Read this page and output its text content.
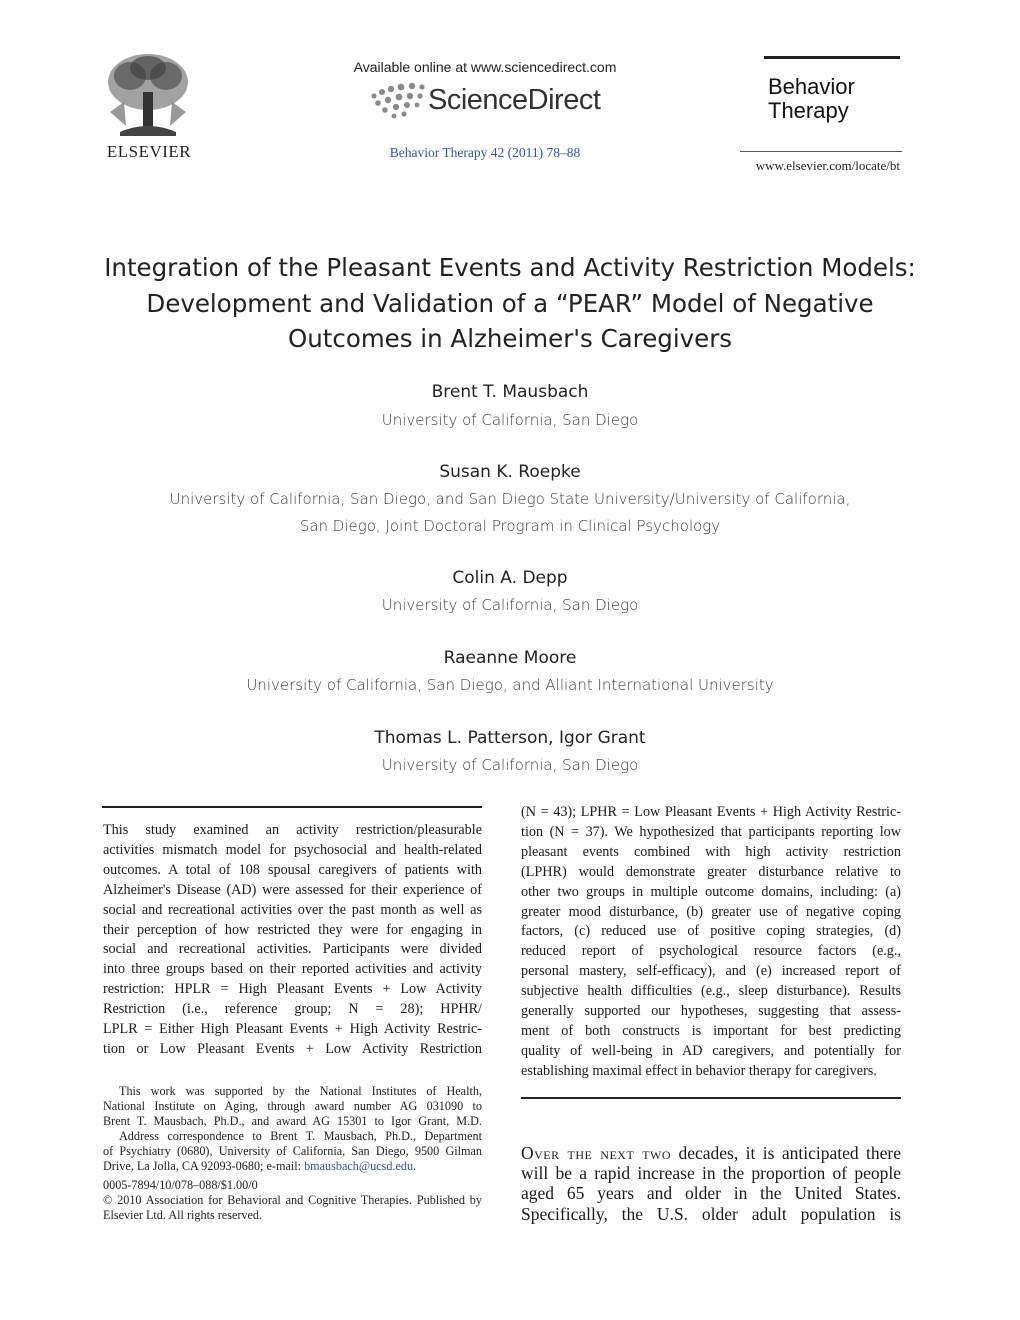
ELSEVIER
Available online at www.sciencedirect.com
ScienceDirect
Behavior Therapy 42 (2011) 78–88
Behavior
Therapy
www.elsevier.com/locate/bt
Integration of the Pleasant Events and Activity Restriction Models:
Development and Validation of a “PEAR” Model of Negative
Outcomes in Alzheimer's Caregivers
Brent T. Mausbach
University of California, San Diego
Susan K. Roepke
University of California, San Diego, and San Diego State University/University of California,
San Diego, Joint Doctoral Program in Clinical Psychology
Colin A. Depp
University of California, San Diego
Raeanne Moore
University of California, San Diego, and Alliant International University
Thomas L. Patterson, Igor Grant
University of California, San Diego
This study examined an activity restriction/pleasurable
activities mismatch model for psychosocial and health-related
outcomes. A total of 108 spousal caregivers of patients with
Alzheimer's Disease (AD) were assessed for their experience of
social and recreational activities over the past month as well as
their perception of how restricted they were for engaging in
social and recreational activities. Participants were divided
into three groups based on their reported activities and activity
restriction: HPLR = High Pleasant Events + Low Activity
Restriction (i.e., reference group; N = 28); HPHR/
LPLR = Either High Pleasant Events + High Activity Restric-
tion or Low Pleasant Events + Low Activity Restriction
(N = 43); LPHR = Low Pleasant Events + High Activity Restric-
tion (N = 37). We hypothesized that participants reporting low
pleasant events combined with high activity restriction
(LPHR) would demonstrate greater disturbance relative to
other two groups in multiple outcome domains, including: (a)
greater mood disturbance, (b) greater use of negative coping
factors, (c) reduced use of positive coping strategies, (d)
reduced report of psychological resource factors (e.g.,
personal mastery, self-efficacy), and (e) increased report of
subjective health difficulties (e.g., sleep disturbance). Results
generally supported our hypotheses, suggesting that assess-
ment of both constructs is important for best predicting
quality of well-being in AD caregivers, and potentially for
establishing maximal effect in behavior therapy for caregivers.
This work was supported by the National Institutes of Health,
National Institute on Aging, through award number AG 031090 to
Brent T. Mausbach, Ph.D., and award AG 15301 to Igor Grant, M.D.
Address correspondence to Brent T. Mausbach, Ph.D., Department
of Psychiatry (0680), University of California, San Diego, 9500 Gilman
Drive, La Jolla, CA 92093-0680; e-mail: bmausbach@ucsd.edu.
0005-7894/10/078–088/$1.00/0
© 2010 Association for Behavioral and Cognitive Therapies. Published by
Elsevier Ltd. All rights reserved.
Over the next two decades, it is anticipated there
will be a rapid increase in the proportion of people
aged 65 years and older in the United States.
Specifically, the U.S. older adult population is
